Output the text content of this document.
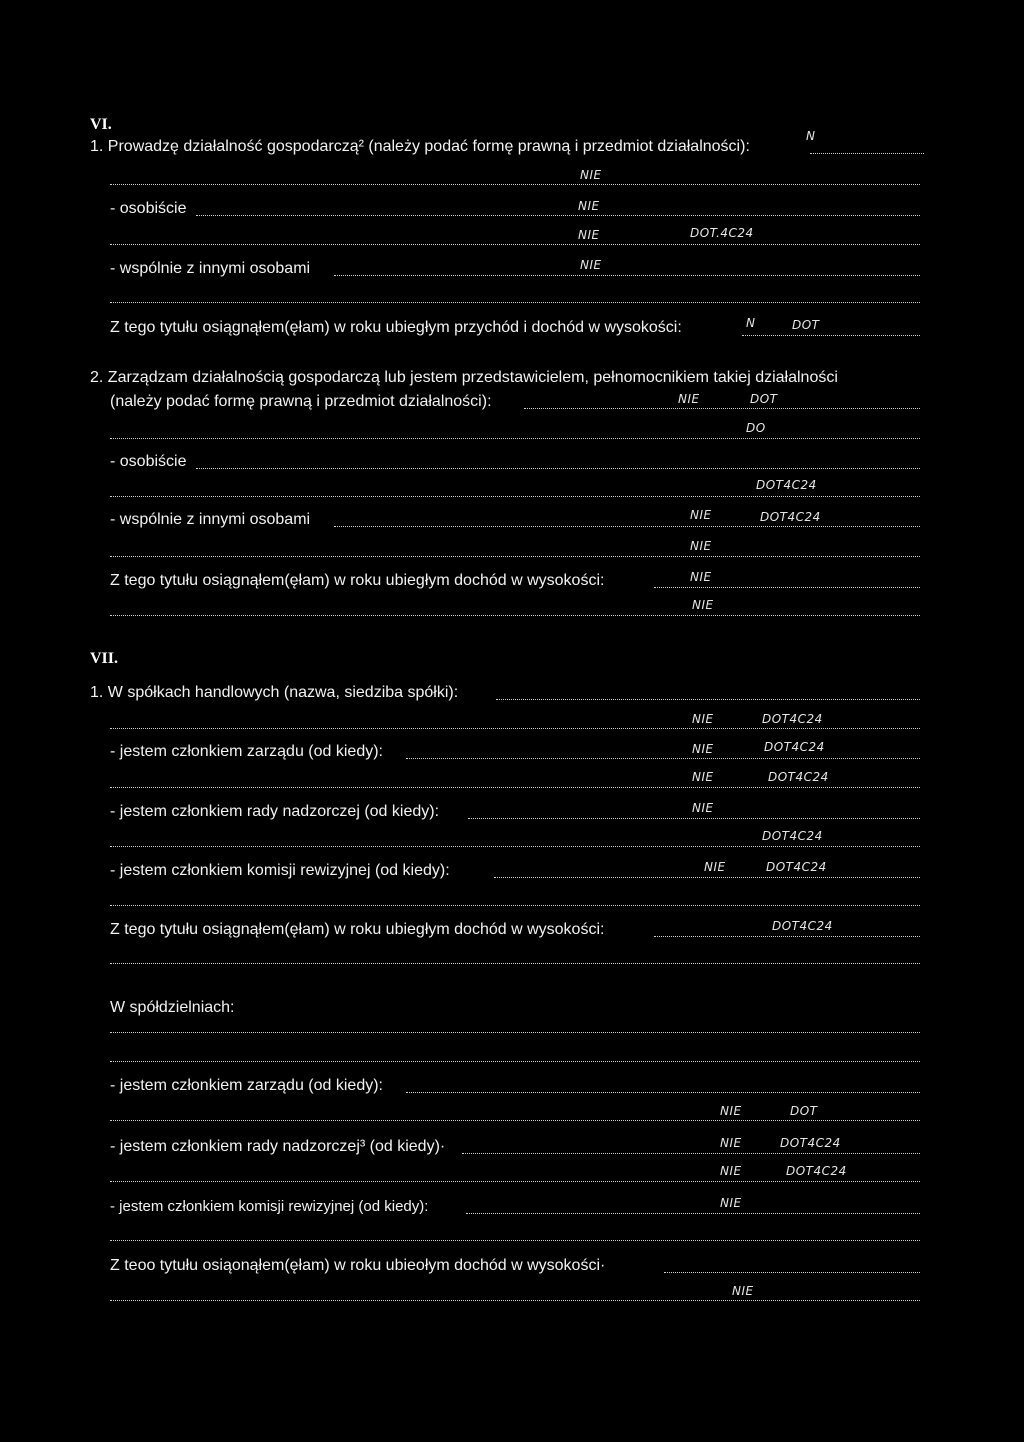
VI.
1. Prowadzę działalność gospodarczą² (należy podać formę prawną i przedmiot działalności):
N
NIE
- osobiście	NIE
NIE	DOT.4C24
- wspólnie z innymi osobami	NIE
Z tego tytułu osiągnąłem(ęłam) w roku ubiegłym przychód i dochód w wysokości:	N	DOT
2. Zarządzam działalnością gospodarczą lub jestem przedstawicielem, pełnomocnikiem takiej działalności
(należy podać formę prawną i przedmiot działalności):	NIE	DOT
DO
- osobiście
DOT4C24
- wspólnie z innymi osobami	NIE	DOT4C24
NIE
Z tego tytułu osiągnąłem(ęłam) w roku ubiegłym dochód w wysokości:	NIE
NIE
VII.
1. W spółkach handlowych (nazwa, siedziba spółki):
NIE	DOT4C24
- jestem członkiem zarządu (od kiedy):	NIE	DOT4C24
NIE	DOT4C24
- jestem członkiem rady nadzorczej (od kiedy):	NIE
DOT4C24
- jestem członkiem komisji rewizyjnej (od kiedy):	NIE	DOT4C24
Z tego tytułu osiągnąłem(ęłam) w roku ubiegłym dochód w wysokości:	DOT4C24
W spółdzielniach:
- jestem członkiem zarządu (od kiedy):
NIE	DOT
- jestem członkiem rady nadzorczej³ (od kiedy)·	NIE	DOT4C24
NIE	DOT4C24
- jestem członkiem komisji rewizyjnej (od kiedy):	NIE
Z teoo tytułu osiąonąłem(ęłam) w roku ubieołym dochód w wysokości·
NIE
